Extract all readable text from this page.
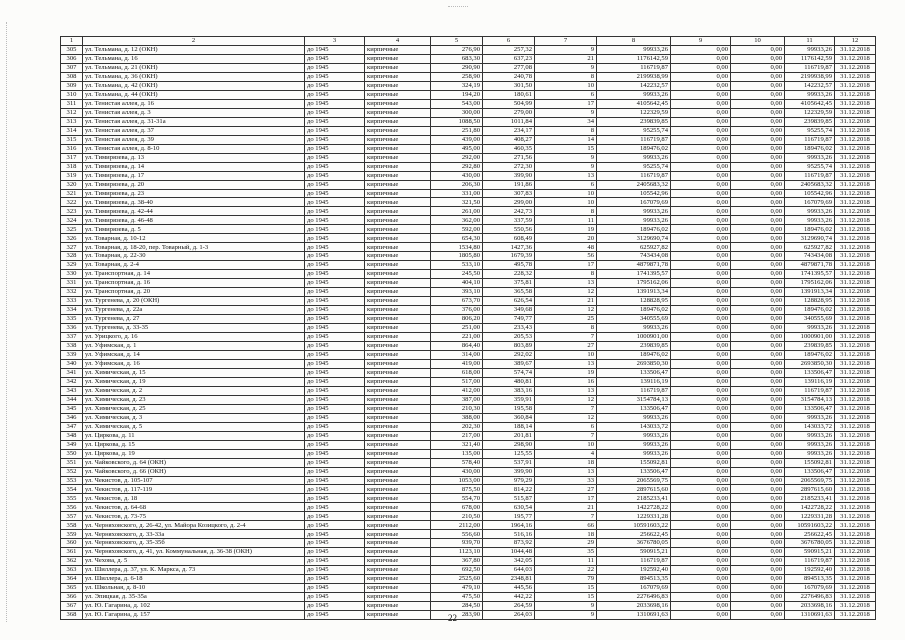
1	2	3	4	5	6	7	8	9	10	11	12
305	ул. Тельмана, д. 12 (ОКН)	до 1945	кирпичные	276,90	257,32	9	99933,26	0,00	0,00	99933,26	31.12.2018
306	ул. Тельмана, д. 16	до 1945	кирпичные	683,30	637,23	21	1176142,59	0,00	0,00	1176142,59	31.12.2018
307	ул. Тельмана, д. 21 (ОКН)	до 1945	кирпичные	290,90	277,08	9	116719,87	0,00	0,00	116719,87	31.12.2018
308	ул. Тельмана, д. 36 (ОКН)	до 1945	кирпичные	258,90	240,78	8	2199938,99	0,00	0,00	2199938,99	31.12.2018
309	ул. Тельмана, д. 42 (ОКН)	до 1945	кирпичные	324,19	301,50	10	142232,57	0,00	0,00	142232,57	31.12.2018
310	ул. Тельмана, д. 44 (ОКН)	до 1945	кирпичные	194,20	180,61	6	99933,26	0,00	0,00	99933,26	31.12.2018
311	ул. Тенистая аллея, д. 16	до 1945	кирпичные	543,00	504,99	17	4105642,45	0,00	0,00	4105642,45	31.12.2018
312	ул. Тенистая аллея, д. 3	до 1945	кирпичные	300,00	279,00	9	122329,59	0,00	0,00	122329,59	31.12.2018
313	ул. Тенистая аллея, д. 31-31а	до 1945	кирпичные	1088,50	1011,84	34	239839,85	0,00	0,00	239839,85	31.12.2018
314	ул. Тенистая аллея, д. 37	до 1945	кирпичные	251,80	234,17	8	95255,74	0,00	0,00	95255,74	31.12.2018
315	ул. Тенистая аллея, д. 39	до 1945	кирпичные	439,00	408,27	14	116719,87	0,00	0,00	116719,87	31.12.2018
316	ул. Тенистая аллея, д. 8-10	до 1945	кирпичные	495,00	460,35	15	189476,02	0,00	0,00	189476,02	31.12.2018
317	ул. Тимирязева, д. 13	до 1945	кирпичные	292,00	271,56	9	99933,26	0,00	0,00	99933,26	31.12.2018
318	ул. Тимирязева, д. 14	до 1945	кирпичные	292,80	272,30	9	95255,74	0,00	0,00	95255,74	31.12.2018
319	ул. Тимирязева, д. 17	до 1945	кирпичные	430,00	399,90	13	116719,87	0,00	0,00	116719,87	31.12.2018
320	ул. Тимирязева, д. 20	до 1945	кирпичные	206,30	191,86	6	2405683,32	0,00	0,00	2405683,32	31.12.2018
321	ул. Тимирязева, д. 23	до 1945	кирпичные	331,00	307,83	10	105542,96	0,00	0,00	105542,96	31.12.2018
322	ул. Тимирязева, д. 38-40	до 1945	кирпичные	321,50	299,00	10	167079,69	0,00	0,00	167079,69	31.12.2018
323	ул. Тимирязева, д. 42-44	до 1945	кирпичные	261,00	242,73	8	99933,26	0,00	0,00	99933,26	31.12.2018
324	ул. Тимирязева, д. 46-48	до 1945	кирпичные	362,00	337,59	11	99933,26	0,00	0,00	99933,26	31.12.2018
325	ул. Тимирязева, д. 5	до 1945	кирпичные	592,00	550,56	19	189476,02	0,00	0,00	189476,02	31.12.2018
326	ул. Товарная, д. 10-12	до 1945	кирпичные	654,30	608,49	20	3129690,74	0,00	0,00	3129690,74	31.12.2018
327	ул. Товарная, д. 18-20, пер. Товарный, д. 1-3	до 1945	кирпичные	1534,80	1427,36	48	625927,82	0,00	0,00	625927,82	31.12.2018
328	ул. Товарная, д. 22-30	до 1945	кирпичные	1805,80	1679,39	56	743434,08	0,00	0,00	743434,08	31.12.2018
329	ул. Товарная, д. 2-4	до 1945	кирпичные	533,10	495,78	17	4879871,78	0,00	0,00	4879871,78	31.12.2018
330	ул. Транспортная, д. 14	до 1945	кирпичные	245,50	228,32	8	1741395,57	0,00	0,00	1741395,57	31.12.2018
331	ул. Транспортная, д. 16	до 1945	кирпичные	404,10	375,81	13	1795162,06	0,00	0,00	1795162,06	31.12.2018
332	ул. Транспортная, д. 20	до 1945	кирпичные	393,10	365,58	12	1391913,34	0,00	0,00	1391913,34	31.12.2018
333	ул. Тургенева, д. 20 (ОКН)	до 1945	кирпичные	673,70	626,54	21	128828,95	0,00	0,00	128828,95	31.12.2018
334	ул. Тургенева, д. 22а	до 1945	кирпичные	376,00	349,68	12	189476,02	0,00	0,00	189476,02	31.12.2018
335	ул. Тургенева, д. 27	до 1945	кирпичные	806,20	749,77	25	340555,69	0,00	0,00	340555,69	31.12.2018
336	ул. Тургенева, д. 33-35	до 1945	кирпичные	251,00	233,43	8	99933,26	0,00	0,00	99933,26	31.12.2018
337	ул. Урицкого, д. 16	до 1945	кирпичные	221,00	205,53	7	1000901,00	0,00	0,00	1000901,00	31.12.2018
338	ул. Уфимская, д. 1	до 1945	кирпичные	864,40	803,89	27	239839,85	0,00	0,00	239839,85	31.12.2018
339	ул. Уфимская, д. 14	до 1945	кирпичные	314,00	292,02	10	189476,02	0,00	0,00	189476,02	31.12.2018
340	ул. Уфимская, д. 16	до 1945	кирпичные	419,00	389,67	13	2693850,30	0,00	0,00	2693850,30	31.12.2018
341	ул. Химическая, д. 15	до 1945	кирпичные	618,00	574,74	19	133506,47	0,00	0,00	133506,47	31.12.2018
342	ул. Химическая, д. 19	до 1945	кирпичные	517,00	480,81	16	139116,19	0,00	0,00	139116,19	31.12.2018
343	ул. Химическая, д. 2	до 1945	кирпичные	412,00	383,16	13	116719,87	0,00	0,00	116719,87	31.12.2018
344	ул. Химическая, д. 23	до 1945	кирпичные	387,00	359,91	12	3154784,13	0,00	0,00	3154784,13	31.12.2018
345	ул. Химическая, д. 25	до 1945	кирпичные	210,30	195,58	7	133506,47	0,00	0,00	133506,47	31.12.2018
346	ул. Химическая, д. 3	до 1945	кирпичные	388,00	360,84	12	99933,26	0,00	0,00	99933,26	31.12.2018
347	ул. Химическая, д. 5	до 1945	кирпичные	202,30	188,14	6	143033,72	0,00	0,00	143033,72	31.12.2018
348	ул. Циркова, д. 11	до 1945	кирпичные	217,00	201,81	7	99933,26	0,00	0,00	99933,26	31.12.2018
349	ул. Циркова, д. 15	до 1945	кирпичные	321,40	298,90	10	99933,26	0,00	0,00	99933,26	31.12.2018
350	ул. Циркова, д. 19	до 1945	кирпичные	135,00	125,55	4	99933,26	0,00	0,00	99933,26	31.12.2018
351	ул. Чайковского, д. 64 (ОКН)	до 1945	кирпичные	578,40	537,91	18	155092,81	0,00	0,00	155092,81	31.12.2018
352	ул. Чайковского, д. 66 (ОКН)	до 1945	кирпичные	430,00	399,90	13	133506,47	0,00	0,00	133506,47	31.12.2018
353	ул. Чекистов, д. 105-107	до 1945	кирпичные	1053,00	979,29	33	2065569,75	0,00	0,00	2065569,75	31.12.2018
354	ул. Чекистов, д. 117-119	до 1945	кирпичные	875,50	814,22	27	2897615,60	0,00	0,00	2897615,60	31.12.2018
355	ул. Чекистов, д. 18	до 1945	кирпичные	554,70	515,87	17	2185233,41	0,00	0,00	2185233,41	31.12.2018
356	ул. Чекистов, д. 64-68	до 1945	кирпичные	678,00	630,54	21	1422728,22	0,00	0,00	1422728,22	31.12.2018
357	ул. Чекистов, д. 73-75	до 1945	кирпичные	210,50	195,77	7	1229331,28	0,00	0,00	1229331,28	31.12.2018
358	ул. Черняховского, д. 26-42, ул. Майора Козицкого, д. 2-4	до 1945	кирпичные	2112,00	1964,16	66	10591603,22	0,00	0,00	10591603,22	31.12.2018
359	ул. Черняховского, д. 33-33а	до 1945	кирпичные	556,60	516,16	18	256622,45	0,00	0,00	256622,45	31.12.2018
360	ул. Черняховского, д. 35-35б	до 1945	кирпичные	939,70	873,92	29	3676780,05	0,00	0,00	3676780,05	31.12.2018
361	ул. Черняховского, д. 41, ул. Коммунальная, д. 36-38 (ОКН)	до 1945	кирпичные	1123,10	1044,48	35	590915,21	0,00	0,00	590915,21	31.12.2018
362	ул. Чехова, д. 5	до 1945	кирпичные	367,80	342,05	11	116719,87	0,00	0,00	116719,87	31.12.2018
363	ул. Шиллера, д. 37, ул. К. Маркса, д. 73	до 1945	кирпичные	692,50	644,03	22	192592,40	0,00	0,00	192592,40	31.12.2018
364	ул. Шиллера, д. 6-18	до 1945	кирпичные	2525,60	2348,81	79	894513,35	0,00	0,00	894513,35	31.12.2018
365	ул. Школьная, д. 8-10	до 1945	кирпичные	479,10	445,56	15	167079,69	0,00	0,00	167079,69	31.12.2018
366	ул. Эпицкая, д. 35-35а	до 1945	кирпичные	475,50	442,22	15	2276496,83	0,00	0,00	2276496,83	31.12.2018
367	ул. Ю. Гагарина, д. 102	до 1945	кирпичные	284,50	264,59	9	2033698,16	0,00	0,00	2033698,16	31.12.2018
368	ул. Ю. Гагарина, д. 157	до 1945	кирпичные	283,90	264,03	9	1310691,63	0,00	0,00	1310691,63	31.12.2018
22
